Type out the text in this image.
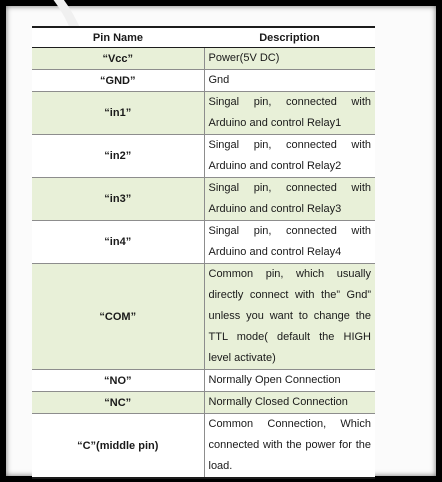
Pin Name	Description
“Vcc”	Power(5V DC)
“GND”	Gnd
“in1”	Singal pin, connected with Arduino and control Relay1
“in2”	Singal pin, connected with Arduino and control Relay2
“in3”	Singal pin, connected with Arduino and control Relay3
“in4”	Singal pin, connected with Arduino and control Relay4
“COM”	Common pin, which usually directly connect with the” Gnd” unless you want to change the TTL mode( default the HIGH level activate)
“NO”	Normally Open Connection
“NC”	Normally Closed Connection
“C”(middle pin)	Common Connection, Which connected with the power for the load.
